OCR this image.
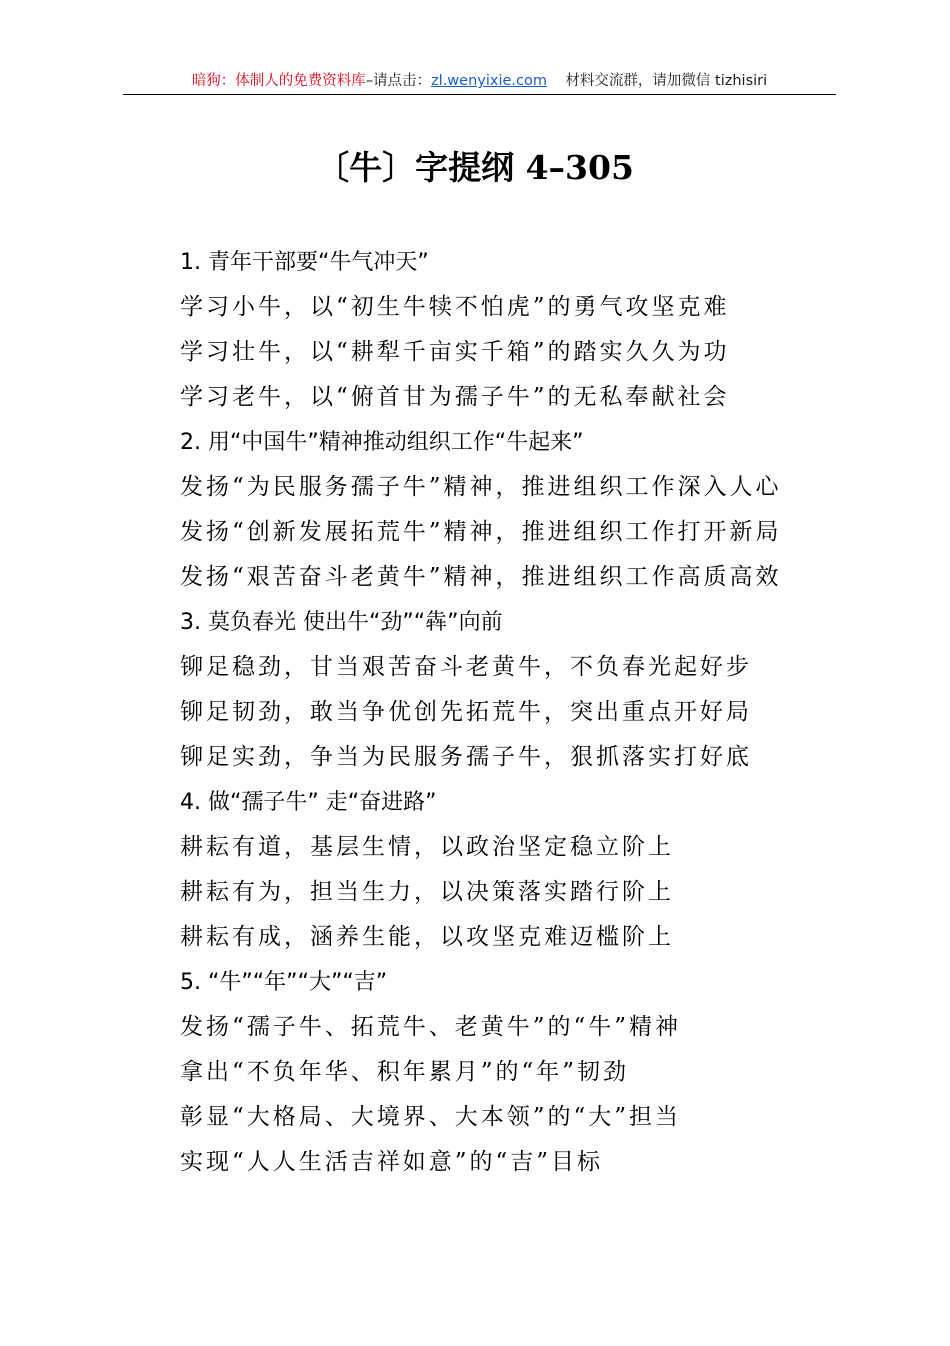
暗狗：体制人的免费资料库–请点击：zl.wenyixie.com 材料交流群，请加微信 tizhisiri
〔牛〕字提纲 4–305
1. 青年干部要“牛气冲天”
学习小牛，以“初生牛犊不怕虎”的勇气攻坚克难
学习壮牛，以“耕犁千亩实千箱”的踏实久久为功
学习老牛，以“俯首甘为孺子牛”的无私奉献社会
2. 用“中国牛”精神推动组织工作“牛起来”
发扬“为民服务孺子牛”精神，推进组织工作深入人心
发扬“创新发展拓荒牛”精神，推进组织工作打开新局
发扬“艰苦奋斗老黄牛”精神，推进组织工作高质高效
3. 莫负春光 使出牛“劲”“犇”向前
铆足稳劲，甘当艰苦奋斗老黄牛，不负春光起好步
铆足韧劲，敢当争优创先拓荒牛，突出重点开好局
铆足实劲，争当为民服务孺子牛，狠抓落实打好底
4. 做“孺子牛” 走“奋进路”
耕耘有道，基层生情，以政治坚定稳立阶上
耕耘有为，担当生力，以决策落实踏行阶上
耕耘有成，涵养生能，以攻坚克难迈槛阶上
5. “牛”“年”“大”“吉”
发扬“孺子牛、拓荒牛、老黄牛”的“牛”精神
拿出“不负年华、积年累月”的“年”韧劲
彰显“大格局、大境界、大本领”的“大”担当
实现“人人生活吉祥如意”的“吉”目标
